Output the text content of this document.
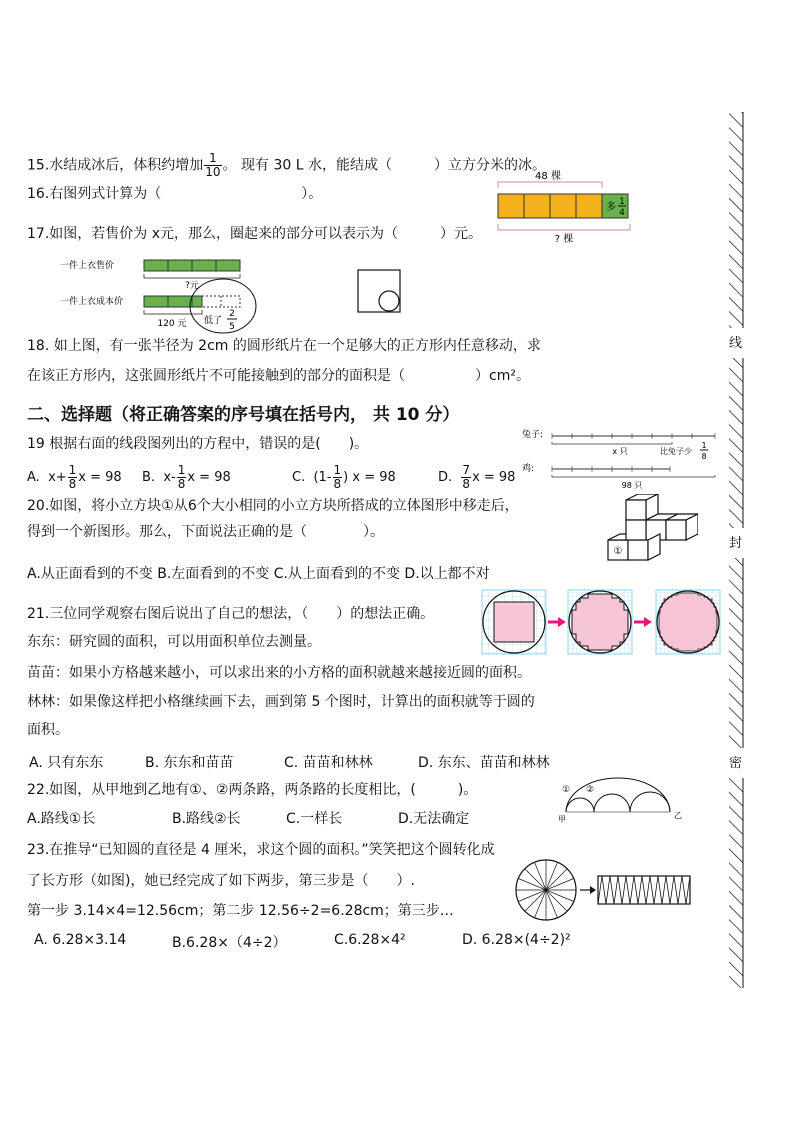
15.水结成冰后，体积约增加 $\frac{1}{10}$ 。 现有 30 L 水，能结成（　　　）立方分米的冰。
16.右图列式计算为（　　　　　　　　　　）。
48 棵
多 1
4
? 棵
17.如图，若售价为 x元，那么，圈起来的部分可以表示为（　　　）元。
一件上衣售价
?元
一件上衣成本价
120 元 低了
2
5
18. 如上图，有一张半径为 2cm 的圆形纸片在一个足够大的正方形内任意移动，求
在该正方形内，这张圆形纸片不可能接触到的部分的面积是（　　　　　）cm²。
二、选择题（将正确答案的序号填在括号内， 共 10 分）
19 根据右面的线段图列出的方程中，错误的是(　　)。
兔子:
x 只	比兔子少
1
8
鸡:
98 只
A. $x+ \frac{1}{8}$ x = 98 B. $x- \frac{1}{8}$ x = 98	C. ($1- \frac{1}{8}$ ) x = 98	D. $\frac{7}{8}$ x = 98
20.如图，将小立方块①从6个大小相同的小立方块所搭成的立体图形中移走后，
得到一个新图形。那么，下面说法正确的是（　　　　）。
①
A.从正面看到的不变 B.左面看到的不变 C.从上面看到的不变 D.以上都不对
21.三位同学观察右图后说出了自己的想法，（　　）的想法正确。
东东：研究圆的面积，可以用面积单位去测量。
苗苗：如果小方格越来越小，可以求出来的小方格的面积就越来越接近圆的面积。
林林：如果像这样把小格继续画下去，画到第 5 个图时，计算出的面积就等于圆的
面积。
A. 只有东东	B. 东东和苗苗	C. 苗苗和林林	D. 东东、苗苗和林林
22.如图，从甲地到乙地有①、②两条路，两条路的长度相比，(　　　)。	① ②
甲	乙
A.路线①长	B.路线②长	C.一样长	D.无法确定
23.在推导“已知圆的直径是 4 厘米，求这个圆的面积。”笑笑把这个圆转化成
了长方形（如图)，她已经完成了如下两步，第三步是（　　）.
第一步 3.14×4=12.56cm；第二步 12.56÷2=6.28cm；第三步…
A. 6.28×3.14	B.6.28×（4÷2）	C.6.28×4²	D. 6.28×(4÷2)²
线
封
密
